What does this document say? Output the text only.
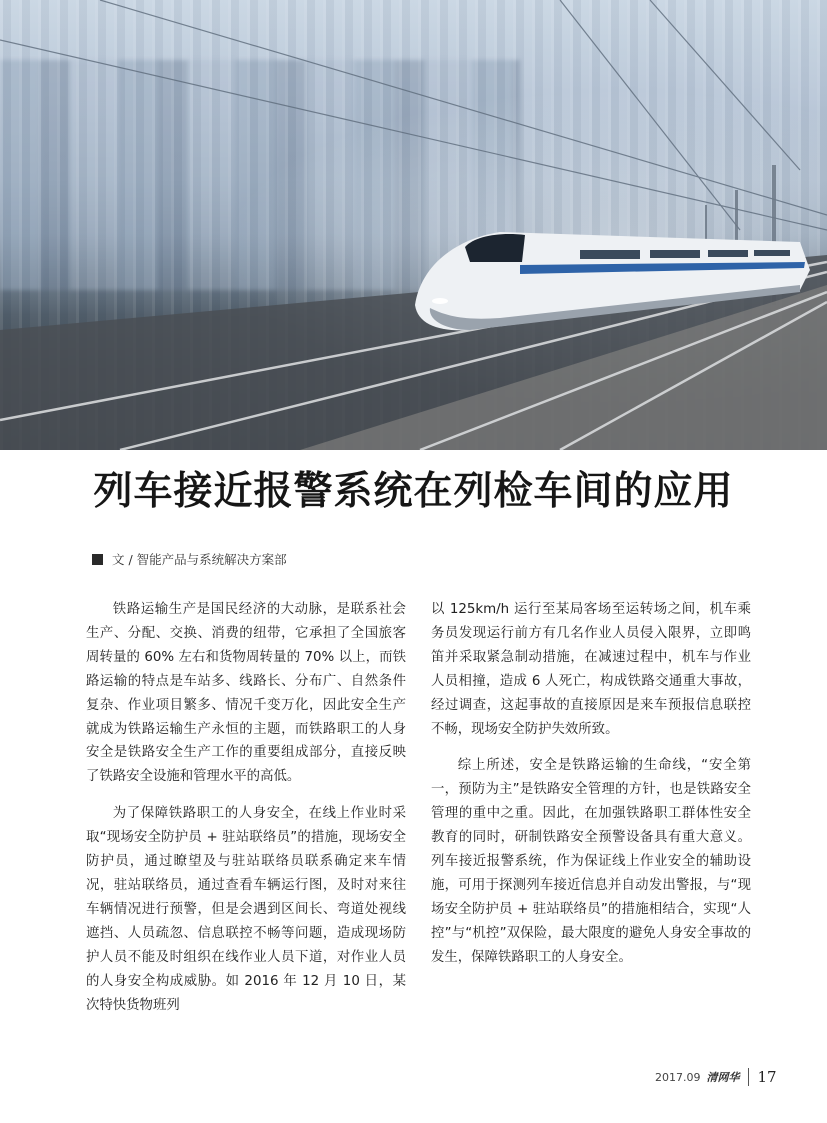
列车接近报警系统在列检车间的应用
文 / 智能产品与系统解决方案部

铁路运输生产是国民经济的大动脉，是联系社会生产、分配、交换、消费的纽带，它承担了全国旅客周转量的 60% 左右和货物周转量的 70% 以上，而铁路运输的特点是车站多、线路长、分布广、自然条件复杂、作业项目繁多、情况千变万化，因此安全生产就成为铁路运输生产永恒的主题，而铁路职工的人身安全是铁路安全生产工作的重要组成部分，直接反映了铁路安全设施和管理水平的高低。

为了保障铁路职工的人身安全，在线上作业时采取“现场安全防护员 + 驻站联络员”的措施，现场安全防护员，通过瞭望及与驻站联络员联系确定来车情况，驻站联络员，通过查看车辆运行图，及时对来往车辆情况进行预警，但是会遇到区间长、弯道处视线遮挡、人员疏忽、信息联控不畅等问题，造成现场防护人员不能及时组织在线作业人员下道，对作业人员的人身安全构成威胁。如 2016 年 12 月 10 日，某次特快货物班列

以 125km/h 运行至某局客场至运转场之间，机车乘务员发现运行前方有几名作业人员侵入限界，立即鸣笛并采取紧急制动措施，在减速过程中，机车与作业人员相撞，造成 6 人死亡，构成铁路交通重大事故，经过调查，这起事故的直接原因是来车预报信息联控不畅，现场安全防护失效所致。

综上所述，安全是铁路运输的生命线，“安全第一，预防为主”是铁路安全管理的方针，也是铁路安全管理的重中之重。因此，在加强铁路职工群体性安全教育的同时，研制铁路安全预警设备具有重大意义。列车接近报警系统，作为保证线上作业安全的辅助设施，可用于探测列车接近信息并自动发出警报，与“现场安全防护员 + 驻站联络员”的措施相结合，实现“人控”与“机控”双保险，最大限度的避免人身安全事故的发生，保障铁路职工的人身安全。

2017.09 清网华 17
